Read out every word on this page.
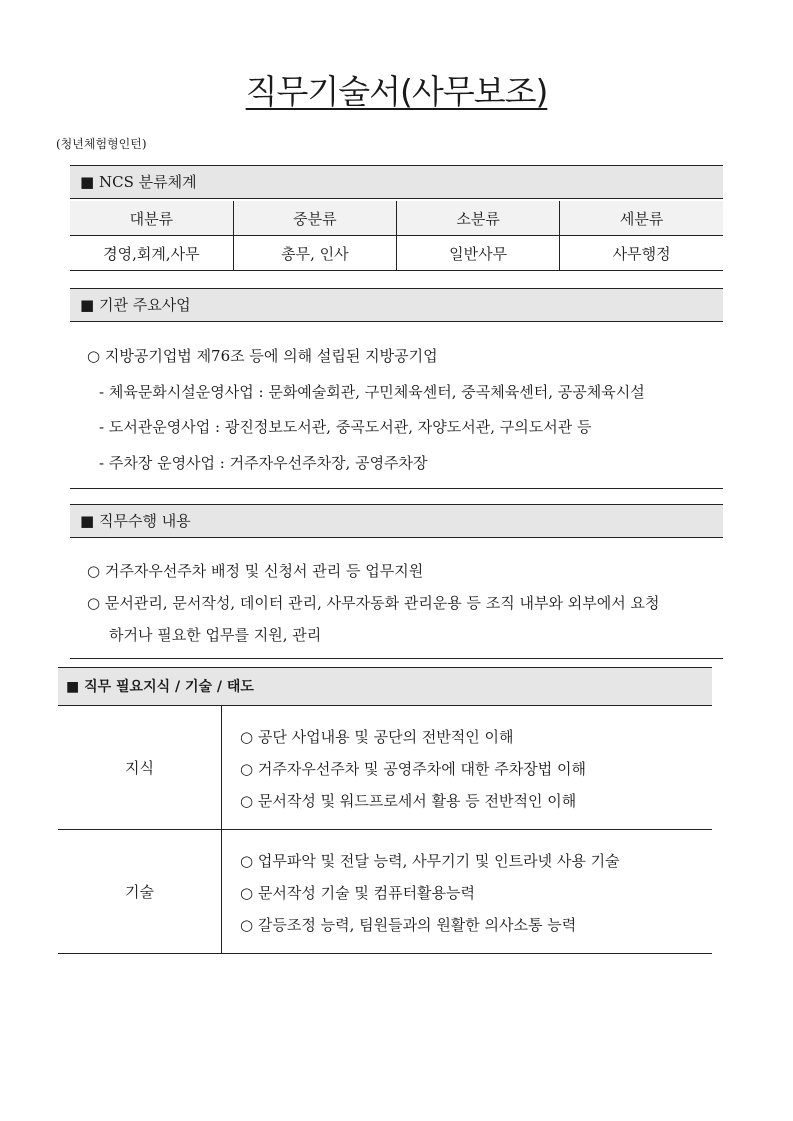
직무기술서(사무보조)
(청년체험형인턴)
■ NCS 분류체계
대분류	중분류	소분류	세분류
경영,회계,사무	총무, 인사	일반사무	사무행정
■ 기관 주요사업
○ 지방공기업법 제76조 등에 의해 설립된 지방공기업
- 체육문화시설운영사업 : 문화예술회관, 구민체육센터, 중곡체육센터, 공공체육시설
- 도서관운영사업 : 광진정보도서관, 중곡도서관, 자양도서관, 구의도서관 등
- 주차장 운영사업 : 거주자우선주차장, 공영주차장
■ 직무수행 내용
○ 거주자우선주차 배정 및 신청서 관리 등 업무지원
○ 문서관리, 문서작성, 데이터 관리, 사무자동화 관리운용 등 조직 내부와 외부에서 요청
하거나 필요한 업무를 지원, 관리
■ 직무 필요지식 / 기술 / 태도
지식	○ 공단 사업내용 및 공단의 전반적인 이해
○ 거주자우선주차 및 공영주차에 대한 주차장법 이해
○ 문서작성 및 워드프로세서 활용 등 전반적인 이해

기술	○ 업무파악 및 전달 능력, 사무기기 및 인트라넷 사용 기술
○ 문서작성 기술 및 컴퓨터활용능력
○ 갈등조정 능력, 팀원들과의 원활한 의사소통 능력
